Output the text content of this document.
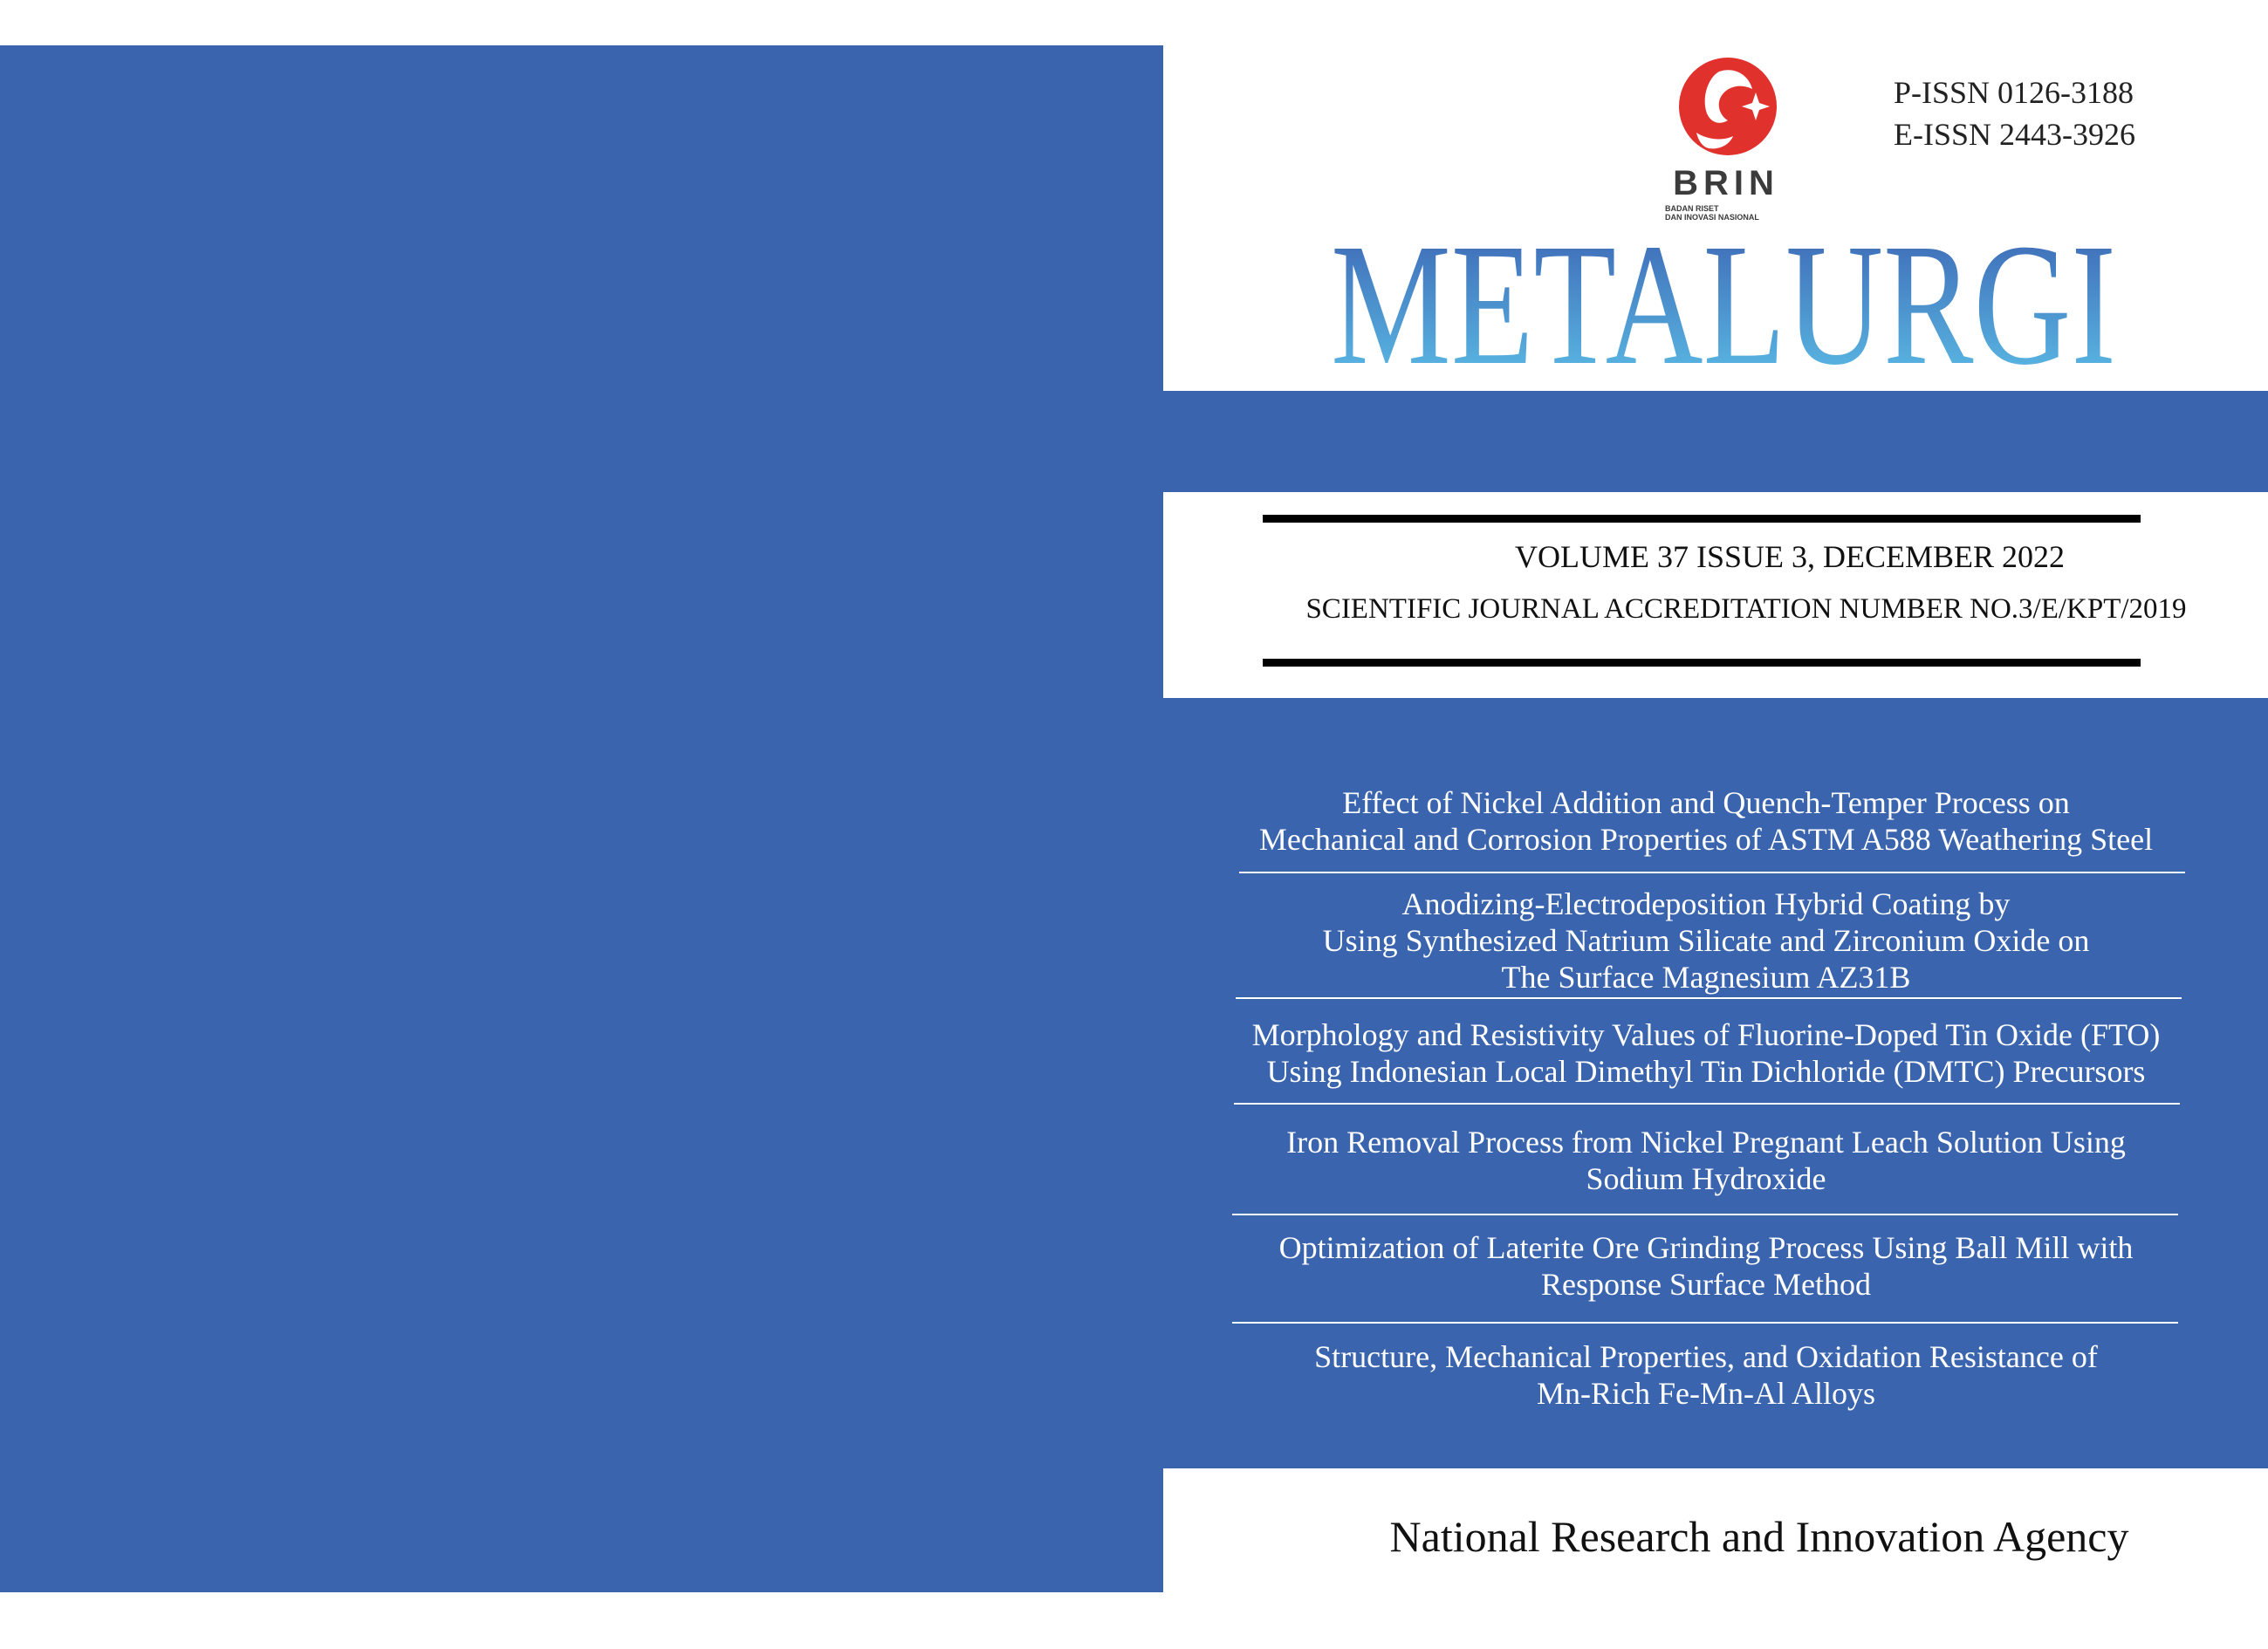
BRIN
BADAN RISET
DAN INOVASI NASIONAL
P-ISSN 0126-3188
E-ISSN 2443-3926
METALURGI
VOLUME 37 ISSUE 3, DECEMBER 2022
SCIENTIFIC JOURNAL ACCREDITATION NUMBER NO.3/E/KPT/2019
Effect of Nickel Addition and Quench-Temper Process on
Mechanical and Corrosion Properties of ASTM A588 Weathering Steel
Anodizing-Electrodeposition Hybrid Coating by
Using Synthesized Natrium Silicate and Zirconium Oxide on
The Surface Magnesium AZ31B
Morphology and Resistivity Values of Fluorine-Doped Tin Oxide (FTO)
Using Indonesian Local Dimethyl Tin Dichloride (DMTC) Precursors
Iron Removal Process from Nickel Pregnant Leach Solution Using
Sodium Hydroxide
Optimization of Laterite Ore Grinding Process Using Ball Mill with
Response Surface Method
Structure, Mechanical Properties, and Oxidation Resistance of
Mn-Rich Fe-Mn-Al Alloys
National Research and Innovation Agency
